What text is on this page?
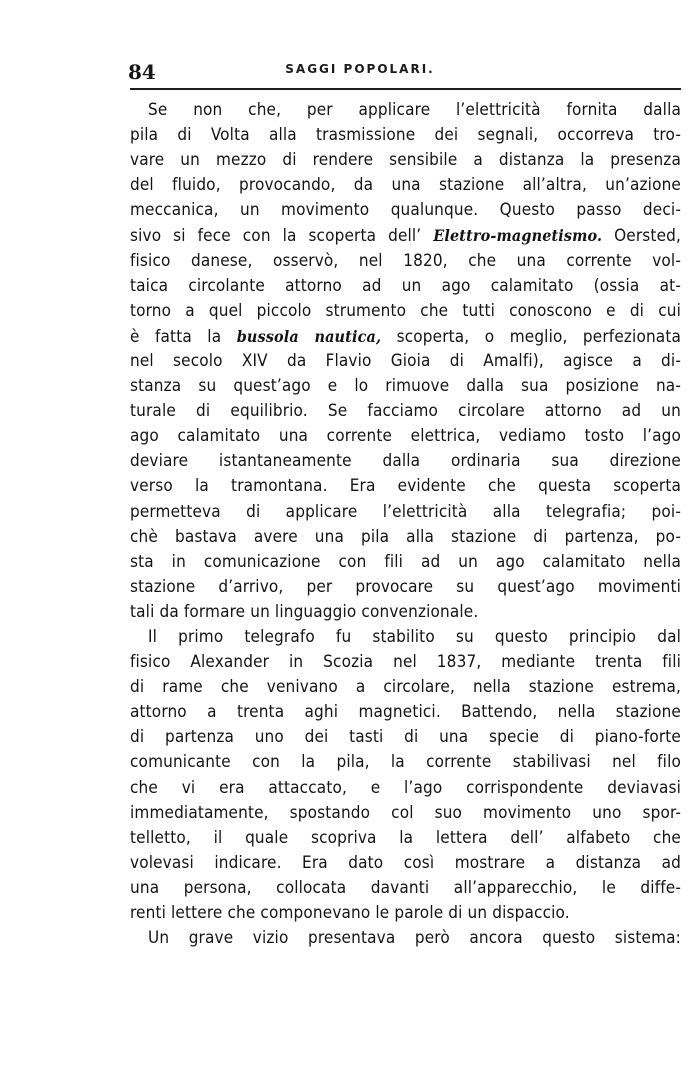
84	SAGGI POPOLARI.
Se non che, per applicare l’elettricità fornita dalla
pila di Volta alla trasmissione dei segnali, occorreva tro-
vare un mezzo di rendere sensibile a distanza la presenza
del fluido, provocando, da una stazione all’altra, un’azione
meccanica, un movimento qualunque. Questo passo deci-
sivo si fece con la scoperta dell’ Elettro-magnetismo. Oersted,
fisico danese, osservò, nel 1820, che una corrente vol-
taica circolante attorno ad un ago calamitato (ossia at-
torno a quel piccolo strumento che tutti conoscono e di cui
è fatta la bussola nautica, scoperta, o meglio, perfezionata
nel secolo XIV da Flavio Gioia di Amalfi), agisce a di-
stanza su quest’ago e lo rimuove dalla sua posizione na-
turale di equilibrio. Se facciamo circolare attorno ad un
ago calamitato una corrente elettrica, vediamo tosto l’ago
deviare istantaneamente dalla ordinaria sua direzione
verso la tramontana. Era evidente che questa scoperta
permetteva di applicare l’elettricità alla telegrafia; poi-
chè bastava avere una pila alla stazione di partenza, po-
sta in comunicazione con fili ad un ago calamitato nella
stazione d’arrivo, per provocare su quest’ago movimenti
tali da formare un linguaggio convenzionale.
Il primo telegrafo fu stabilito su questo principio dal
fisico Alexander in Scozia nel 1837, mediante trenta fili
di rame che venivano a circolare, nella stazione estrema,
attorno a trenta aghi magnetici. Battendo, nella stazione
di partenza uno dei tasti di una specie di piano-forte
comunicante con la pila, la corrente stabilivasi nel filo
che vi era attaccato, e l’ago corrispondente deviavasi
immediatamente, spostando col suo movimento uno spor-
telletto, il quale scopriva la lettera dell’ alfabeto che
volevasi indicare. Era dato così mostrare a distanza ad
una persona, collocata davanti all’apparecchio, le diffe-
renti lettere che componevano le parole di un dispaccio.
Un grave vizio presentava però ancora questo sistema:
